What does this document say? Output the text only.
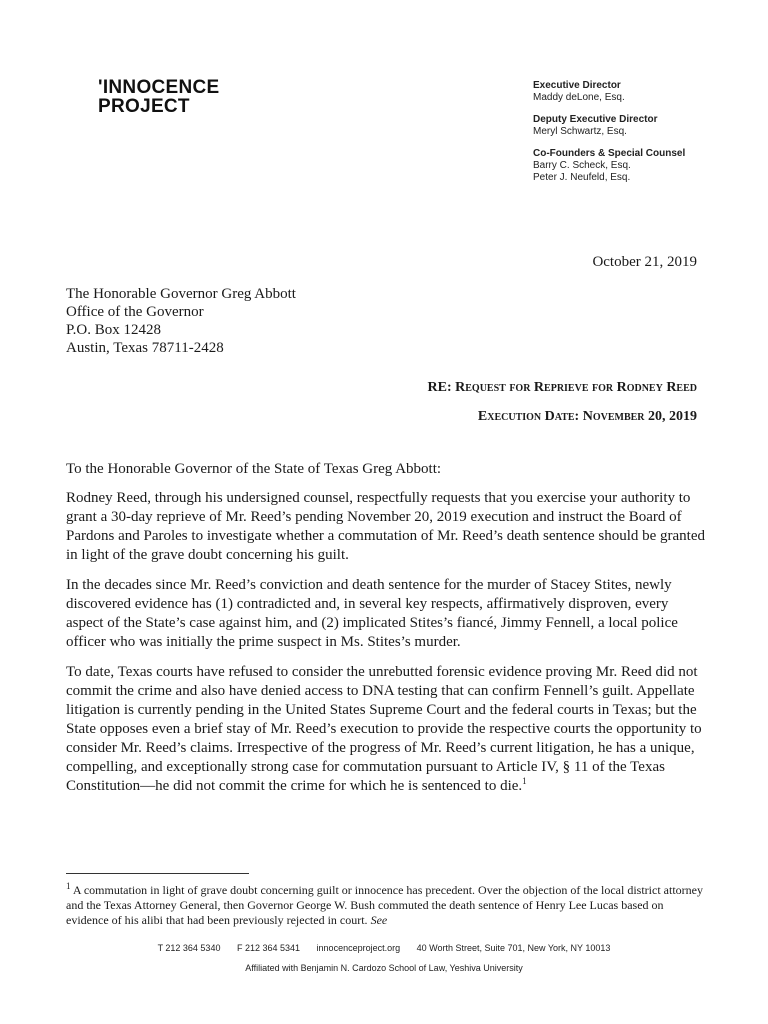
'INNOCENCE
PROJECT
Executive Director
Maddy deLone, Esq.
Deputy Executive Director
Meryl Schwartz, Esq.
Co-Founders & Special Counsel
Barry C. Scheck, Esq.
Peter J. Neufeld, Esq.
October 21, 2019
The Honorable Governor Greg Abbott
Office of the Governor
P.O. Box 12428
Austin, Texas 78711-2428
RE: Request for Reprieve for Rodney Reed
Execution Date: November 20, 2019

To the Honorable Governor of the State of Texas Greg Abbott:

Rodney Reed, through his undersigned counsel, respectfully requests that you exercise your authority to grant a 30-day reprieve of Mr. Reed’s pending November 20, 2019 execution and instruct the Board of Pardons and Paroles to investigate whether a commutation of Mr. Reed’s death sentence should be granted in light of the grave doubt concerning his guilt.

In the decades since Mr. Reed’s conviction and death sentence for the murder of Stacey Stites, newly discovered evidence has (1) contradicted and, in several key respects, affirmatively disproven, every aspect of the State’s case against him, and (2) implicated Stites’s fiancé, Jimmy Fennell, a local police officer who was initially the prime suspect in Ms. Stites’s murder.

To date, Texas courts have refused to consider the unrebutted forensic evidence proving Mr. Reed did not commit the crime and also have denied access to DNA testing that can confirm Fennell’s guilt. Appellate litigation is currently pending in the United States Supreme Court and the federal courts in Texas; but the State opposes even a brief stay of Mr. Reed’s execution to provide the respective courts the opportunity to consider Mr. Reed’s claims. Irrespective of the progress of Mr. Reed’s current litigation, he has a unique, compelling, and exceptionally strong case for commutation pursuant to Article IV, § 11 of the Texas Constitution—he did not commit the crime for which he is sentenced to die.$^1$

$^1$ A commutation in light of grave doubt concerning guilt or innocence has precedent. Over the objection of the local district attorney and the Texas Attorney General, then Governor George W. Bush commuted the death sentence of Henry Lee Lucas based on evidence of his alibi that had been previously rejected in court. See
T 212 364 5340 F 212 364 5341 innocenceproject.org 40 Worth Street, Suite 701, New York, NY 10013
Affiliated with Benjamin N. Cardozo School of Law, Yeshiva University
